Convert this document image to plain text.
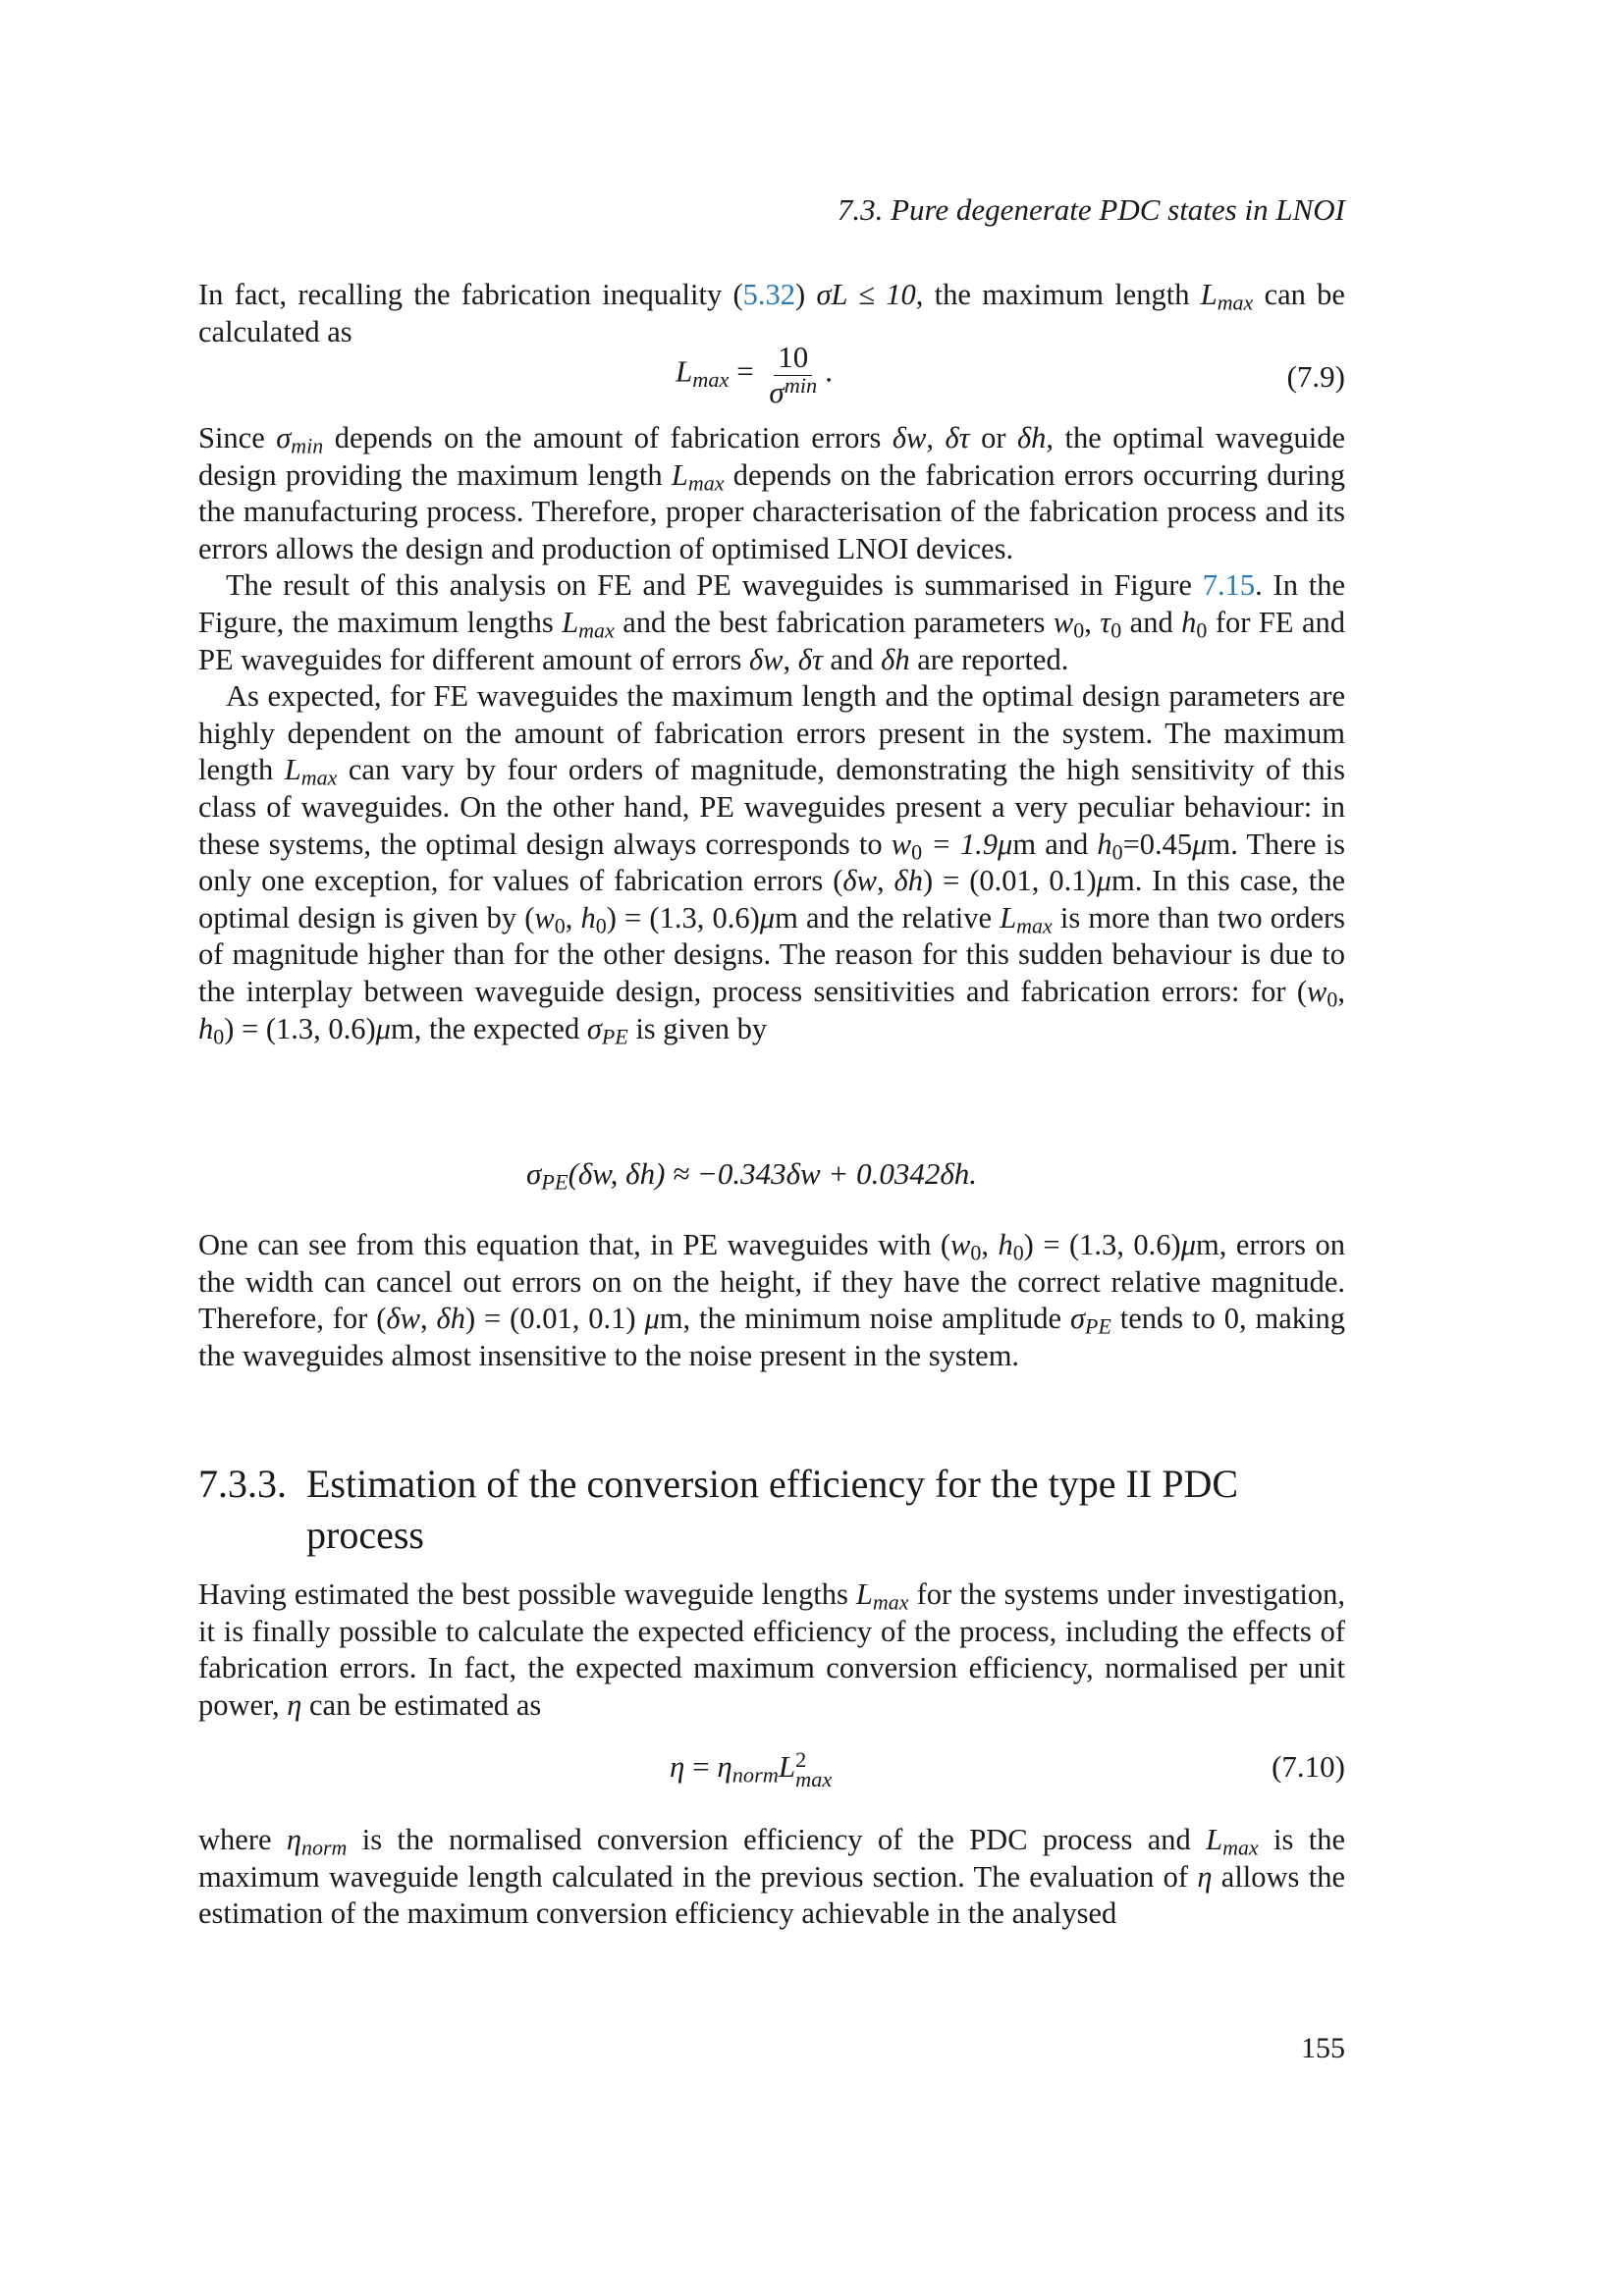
7.3. Pure degenerate PDC states in LNOI

In fact, recalling the fabrication inequality (5.32) σL ≤ 10, the maximum length $L_{max}$ can be calculated as

$L_{max} = \frac{10}{\sigma^{min}}$ .	(7.9)

Since $\sigma_{min}$ depends on the amount of fabrication errors δw, δτ or δh, the optimal waveguide design providing the maximum length $L_{max}$ depends on the fabrication errors occurring during the manufacturing process. Therefore, proper characterisation of the fabrication process and its errors allows the design and production of optimised LNOI devices.

The result of this analysis on FE and PE waveguides is summarised in Figure 7.15. In the Figure, the maximum lengths $L_{max}$ and the best fabrication parameters w0, τ0 and h0 for FE and PE waveguides for different amount of errors δw, δτ and δh are reported.

As expected, for FE waveguides the maximum length and the optimal design parameters are highly dependent on the amount of fabrication errors present in the system. The maximum length $L_{max}$ can vary by four orders of magnitude, demonstrating the high sensitivity of this class of waveguides. On the other hand, PE waveguides present a very peculiar behaviour: in these systems, the optimal design always corresponds to w0 = 1.9μm and h0=0.45μm. There is only one exception, for values of fabrication errors (δw, δh) = (0.01, 0.1)μm. In this case, the optimal design is given by (w0, h0) = (1.3, 0.6)μm and the relative $L_{max}$ is more than two orders of magnitude higher than for the other designs. The reason for this sudden behaviour is due to the interplay between waveguide design, process sensitivities and fabrication errors: for (w0, h0) = (1.3, 0.6)μm, the expected $\sigma_{PE}$ is given by

$\sigma_{PE}(\delta w$, δh) ≈ −0.343δw + 0.0342δh.

One can see from this equation that, in PE waveguides with (w0, h0) = (1.3, 0.6)μm, errors on the width can cancel out errors on on the height, if they have the correct relative magnitude. Therefore, for (δw, δh) = (0.01, 0.1) μm, the minimum noise amplitude $\sigma_{PE}$ tends to 0, making the waveguides almost insensitive to the noise present in the system.

7.3.3. Estimation of the conversion efficiency for the type II PDC process

Having estimated the best possible waveguide lengths $L_{max}$ for the systems under investigation, it is finally possible to calculate the expected efficiency of the process, including the effects of fabrication errors. In fact, the expected maximum conversion efficiency, normalised per unit power, η can be estimated as

$\eta = \eta_{norm}L$ 2
max	(7.10)

where $\eta_{norm}$ is the normalised conversion efficiency of the PDC process and $L_{max}$ is the maximum waveguide length calculated in the previous section. The evaluation of η allows the estimation of the maximum conversion efficiency achievable in the analysed

155
